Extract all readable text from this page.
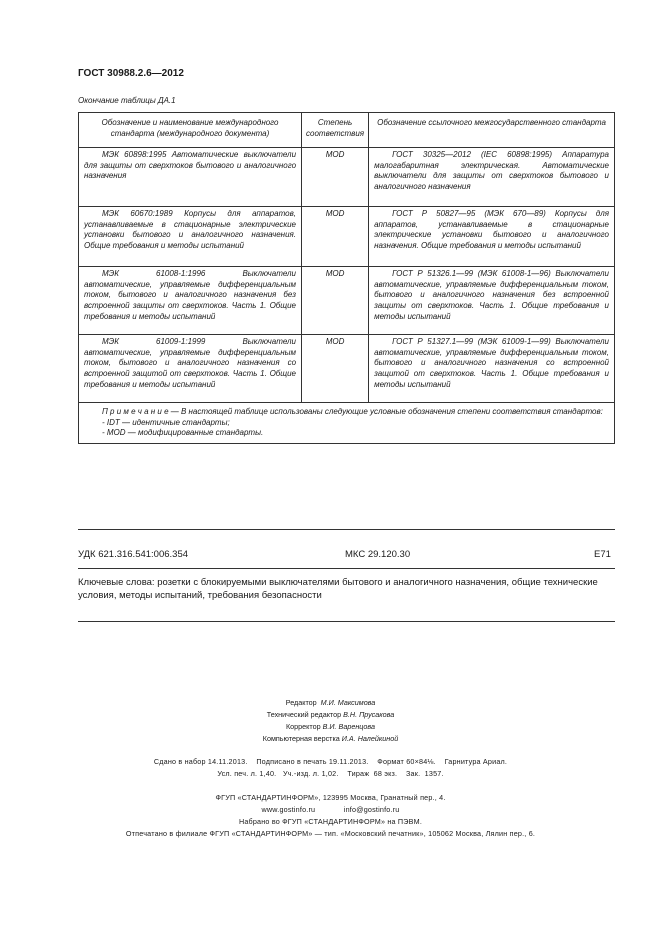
ГОСТ 30988.2.6—2012
Окончание таблицы ДА.1
Обозначение и наименование международного стандарта (международного документа)	Степень соответствия	Обозначение ссылочного межгосударственного стандарта

МЭК 60898:1995 Автоматические выключатели для защиты от сверхтоков бытового и аналогичного назначения	MOD	ГОСТ 30325—2012 (IEC 60898:1995) Аппаратура малогабаритная электрическая. Автоматические выключатели для защиты от сверхтоков бытового и аналогичного назначения

МЭК 60670:1989 Корпусы для аппаратов, устанавливаемые в стационарные электрические установки бытового и аналогичного назначения. Общие требования и методы испытаний	MOD	ГОСТ Р 50827—95 (МЭК 670—89) Корпусы для аппаратов, устанавливаемые в стационарные электрические установки бытового и аналогичного назначения. Общие требования и методы испытаний

МЭК 61008-1:1996 Выключатели автоматические, управляемые дифференциальным током, бытового и аналогичного назначения без встроенной защиты от сверхтоков. Часть 1. Общие требования и методы испытаний	MOD	ГОСТ Р 51326.1—99 (МЭК 61008-1—96) Выключатели автоматические, управляемые дифференциальным током, бытового и аналогичного назначения без встроенной защиты от сверхтоков. Часть 1. Общие требования и методы испытаний

МЭК 61009-1:1999 Выключатели автоматические, управляемые дифференциальным током, бытового и аналогичного назначения со встроенной защитой от сверхтоков. Часть 1. Общие требования и методы испытаний	MOD	ГОСТ Р 51327.1—99 (МЭК 61009-1—99) Выключатели автоматические, управляемые дифференциальным током, бытового и аналогичного назначения со встроенной защитой от сверхтоков. Часть 1. Общие требования и методы испытаний

П р и м е ч а н и е — В настоящей таблице использованы следующие условные обозначения степени соответствия стандартов:

- IDT — идентичные стандарты;

- MOD — модифицированные стандарты.		

УДК 621.316.541:006.354	МКС 29.120.30	Е71
Ключевые слова: розетки с блокируемыми выключателями бытового и аналогичного назначения, общие технические условия, методы испытаний, требования безопасности
Редактор М.И. Максимова
Технический редактор В.Н. Прусакова
Корректор В.И. Варенцова
Компьютерная верстка И.А. Налейкиной
Сдано в набор 14.11.2013.    Подписано в печать 19.11.2013.    Формат 60×84⅛.    Гарнитура Ариал.
Усл. печ. л. 1,40.   Уч.-изд. л. 1,02.    Тираж  68 экз.    Зак.  1357.
ФГУП «СТАНДАРТИНФОРМ», 123995 Москва, Гранатный пер., 4.
www.gostinfo.ru             info@gostinfo.ru
Набрано во ФГУП «СТАНДАРТИНФОРМ» на ПЭВМ.
Отпечатано в филиале ФГУП «СТАНДАРТИНФОРМ» — тип. «Московский печатник», 105062 Москва, Лялин пер., 6.
